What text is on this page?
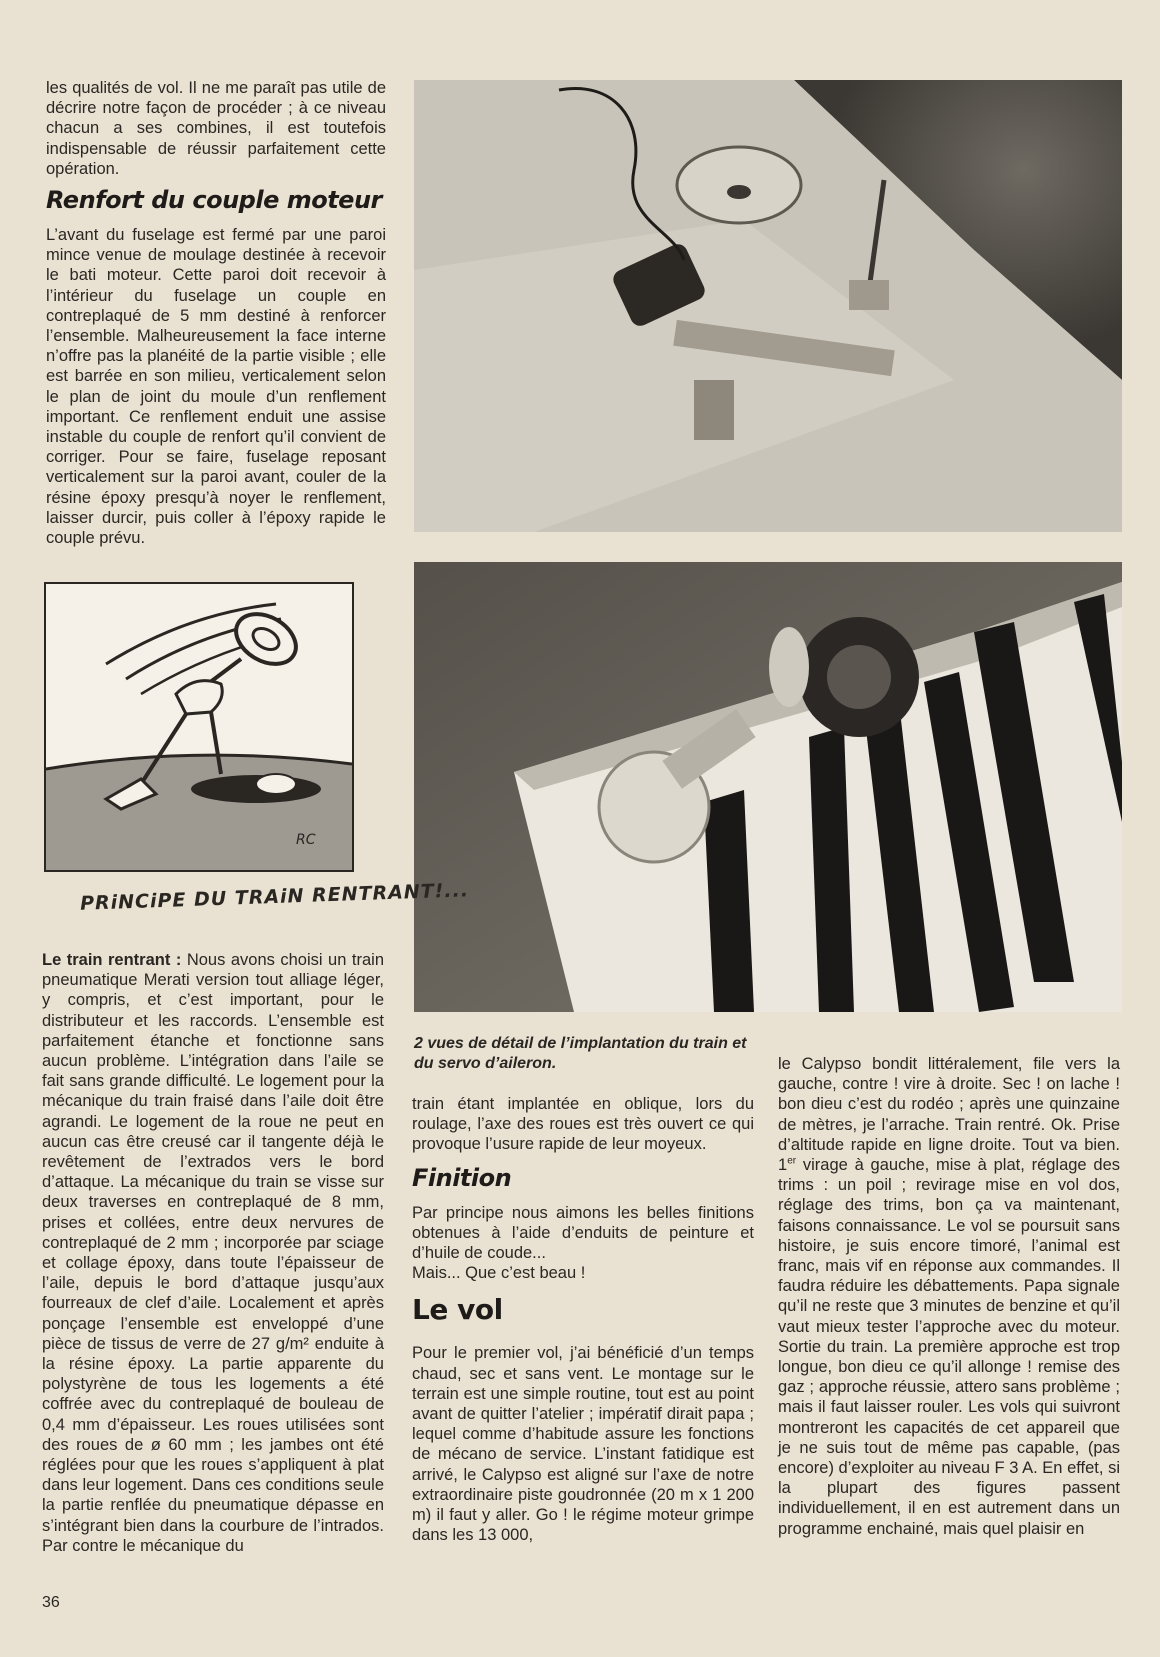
les qualités de vol. Il ne me paraît pas utile de décrire notre façon de procéder ; à ce niveau chacun a ses combines, il est toutefois indispensable de réussir parfaitement cette opération.

Renfort du couple moteur

L’avant du fuselage est fermé par une paroi mince venue de moulage destinée à recevoir le bati moteur. Cette paroi doit recevoir à l’intérieur du fuselage un couple en contreplaqué de 5 mm destiné à renforcer l’ensemble. Malheureusement la face interne n’offre pas la planéité de la partie visible ; elle est barrée en son milieu, verticalement selon le plan de joint du moule d’un renflement important. Ce renflement enduit une assise instable du couple de renfort qu’il convient de corriger. Pour se faire, fuselage reposant verticalement sur la paroi avant, couler de la résine époxy presqu’à noyer le renflement, laisser durcir, puis coller à l’époxy rapide le couple prévu.

RC
PRiNCiPE DU TRAiN RENTRANT!...

Le train rentrant : Nous avons choisi un train pneumatique Merati version tout alliage léger, y compris, et c’est important, pour le distributeur et les raccords. L’ensemble est parfaitement étanche et fonctionne sans aucun problème. L’intégration dans l’aile se fait sans grande difficulté. Le logement pour la mécanique du train fraisé dans l’aile doit être agrandi. Le logement de la roue ne peut en aucun cas être creusé car il tangente déjà le revêtement de l’extrados vers le bord d’attaque. La mécanique du train se visse sur deux traverses en contreplaqué de 8 mm, prises et collées, entre deux nervures de contreplaqué de 2 mm ; incorporée par sciage et collage époxy, dans toute l’épaisseur de l’aile, depuis le bord d’attaque jusqu’aux fourreaux de clef d’aile. Localement et après ponçage l’ensemble est enveloppé d’une pièce de tissus de verre de 27 g/m² enduite à la résine époxy. La partie apparente du polystyrène de tous les logements a été coffrée avec du contreplaqué de bouleau de 0,4 mm d’épaisseur. Les roues utilisées sont des roues de ø 60 mm ; les jambes ont été réglées pour que les roues s’appliquent à plat dans leur logement. Dans ces conditions seule la partie renflée du pneumatique dépasse en s’intégrant bien dans la courbure de l’intrados. Par contre le mécanique du

2 vues de détail de l’implantation du train et du servo d’aileron.

train étant implantée en oblique, lors du roulage, l’axe des roues est très ouvert ce qui provoque l’usure rapide de leur moyeux.

Finition

Par principe nous aimons les belles finitions obtenues à l’aide d’enduits de peinture et d’huile de coude...

Mais... Que c’est beau !

Le vol

Pour le premier vol, j’ai bénéficié d’un temps chaud, sec et sans vent. Le montage sur le terrain est une simple routine, tout est au point avant de quitter l’atelier ; impératif dirait papa ; lequel comme d’habitude assure les fonctions de mécano de service. L’instant fatidique est arrivé, le Calypso est aligné sur l’axe de notre extraordinaire piste goudronnée (20 m x 1 200 m) il faut y aller. Go ! le régime moteur grimpe dans les 13 000,

le Calypso bondit littéralement, file vers la gauche, contre ! vire à droite. Sec ! on lache ! bon dieu c’est du rodéo ; après une quinzaine de mètres, je l’arrache. Train rentré. Ok. Prise d’altitude rapide en ligne droite. Tout va bien. 1er virage à gauche, mise à plat, réglage des trims : un poil ; revirage mise en vol dos, réglage des trims, bon ça va maintenant, faisons connaissance. Le vol se poursuit sans histoire, je suis encore timoré, l’animal est franc, mais vif en réponse aux commandes. Il faudra réduire les débattements. Papa signale qu’il ne reste que 3 minutes de benzine et qu’il vaut mieux tester l’approche avec du moteur. Sortie du train. La première approche est trop longue, bon dieu ce qu’il allonge ! remise des gaz ; approche réussie, attero sans problème ; mais il faut laisser rouler. Les vols qui suivront montreront les capacités de cet appareil que je ne suis tout de même pas capable, (pas encore) d’exploiter au niveau F 3 A. En effet, si la plupart des figures passent individuellement, il en est autrement dans un programme enchainé, mais quel plaisir en

36
